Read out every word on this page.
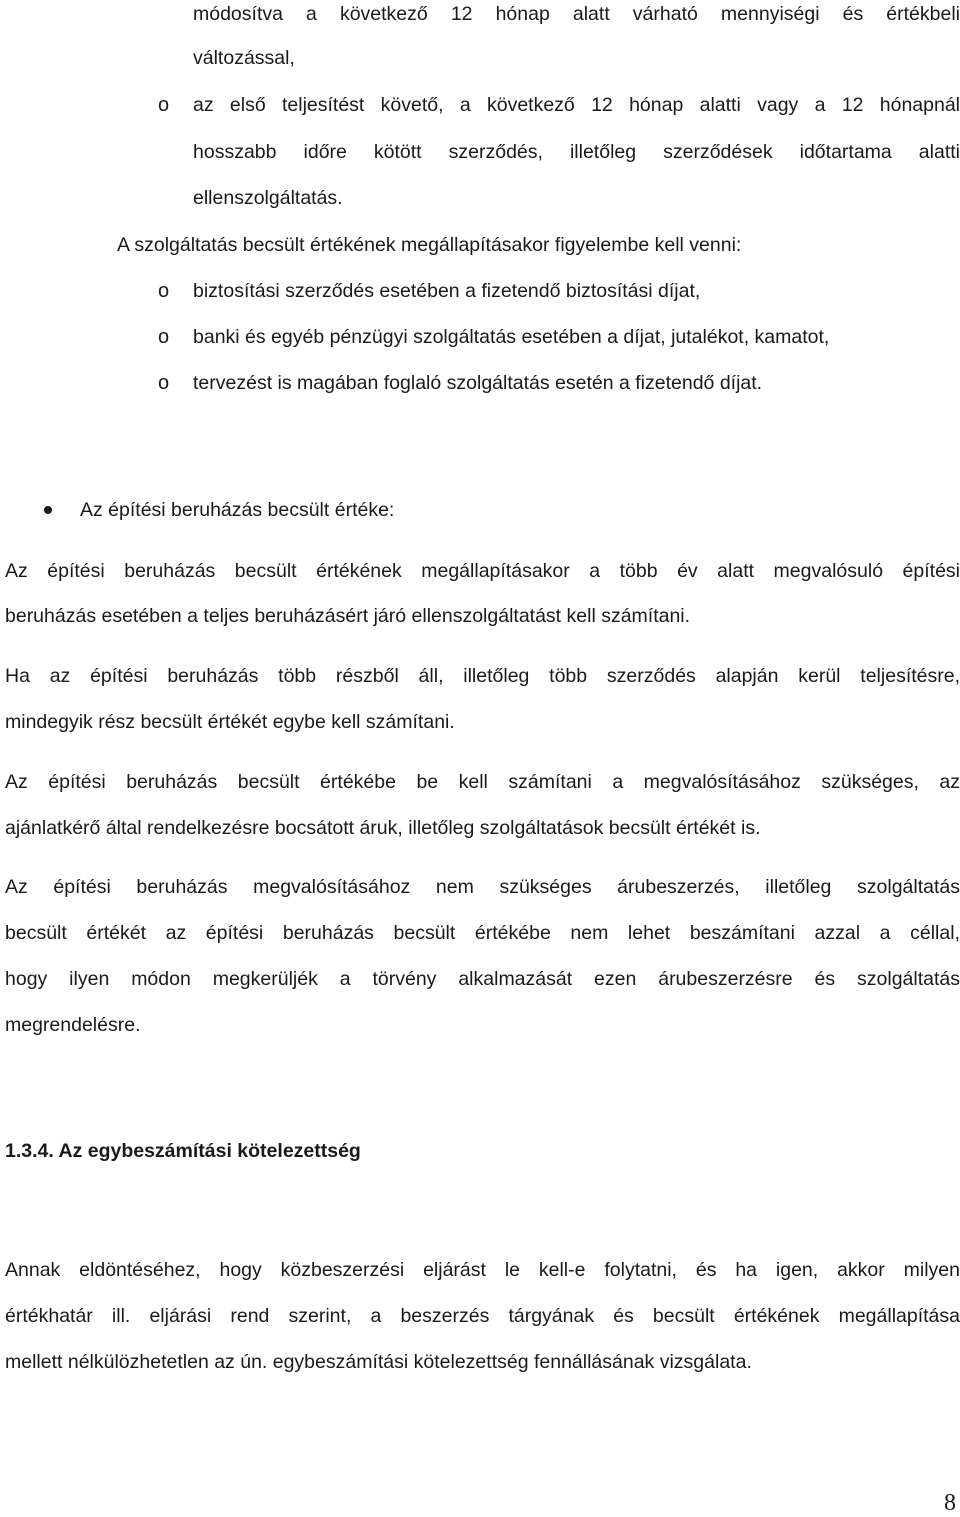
módosítva a következő 12 hónap alatt várható mennyiségi és értékbeli
változással,
o az első teljesítést követő, a következő 12 hónap alatti vagy a 12 hónapnál
hosszabb időre kötött szerződés, illetőleg szerződések időtartama alatti
ellenszolgáltatás.
A szolgáltatás becsült értékének megállapításakor figyelembe kell venni:
o biztosítási szerződés esetében a fizetendő biztosítási díjat,
o banki és egyéb pénzügyi szolgáltatás esetében a díjat, jutalékot, kamatot,
o tervezést is magában foglaló szolgáltatás esetén a fizetendő díjat.
Az építési beruházás becsült értéke:
Az építési beruházás becsült értékének megállapításakor a több év alatt megvalósuló építési
beruházás esetében a teljes beruházásért járó ellenszolgáltatást kell számítani.
Ha az építési beruházás több részből áll, illetőleg több szerződés alapján kerül teljesítésre,
mindegyik rész becsült értékét egybe kell számítani.
Az építési beruházás becsült értékébe be kell számítani a megvalósításához szükséges, az
ajánlatkérő által rendelkezésre bocsátott áruk, illetőleg szolgáltatások becsült értékét is.
Az építési beruházás megvalósításához nem szükséges árubeszerzés, illetőleg szolgáltatás
becsült értékét az építési beruházás becsült értékébe nem lehet beszámítani azzal a céllal,
hogy ilyen módon megkerüljék a törvény alkalmazását ezen árubeszerzésre és szolgáltatás
megrendelésre.
1.3.4. Az egybeszámítási kötelezettség
Annak eldöntéséhez, hogy közbeszerzési eljárást le kell-e folytatni, és ha igen, akkor milyen
értékhatár ill. eljárási rend szerint, a beszerzés tárgyának és becsült értékének megállapítása
mellett nélkülözhetetlen az ún. egybeszámítási kötelezettség fennállásának vizsgálata.
8
